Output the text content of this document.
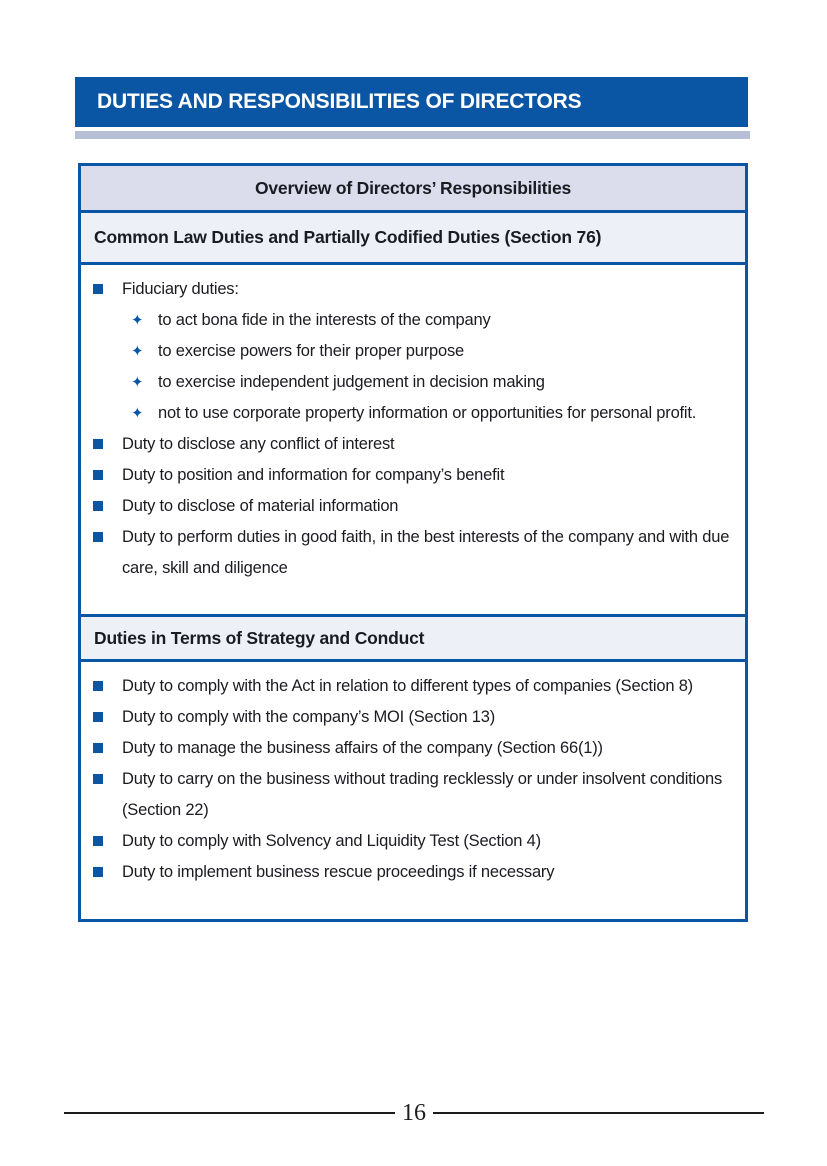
DUTIES AND RESPONSIBILITIES OF DIRECTORS
Overview of Directors’ Responsibilities
Common Law Duties and Partially Codified Duties (Section 76)
Fiduciary duties:
✦
to act bona fide in the interests of the company
✦
to exercise powers for their proper purpose
✦
to exercise independent judgement in decision making
✦
not to use corporate property information or opportunities for personal profit.
Duty to disclose any conflict of interest
Duty to position and information for company’s benefit
Duty to disclose of material information
Duty to perform duties in good faith, in the best interests of the company and with due care, skill and diligence
Duties in Terms of Strategy and Conduct
Duty to comply with the Act in relation to different types of companies (Section 8)
Duty to comply with the company’s MOI (Section 13)
Duty to manage the business affairs of the company (Section 66(1))
Duty to carry on the business without trading recklessly or under insolvent conditions (Section 22)
Duty to comply with Solvency and Liquidity Test (Section 4)
Duty to implement business rescue proceedings if necessary
16
